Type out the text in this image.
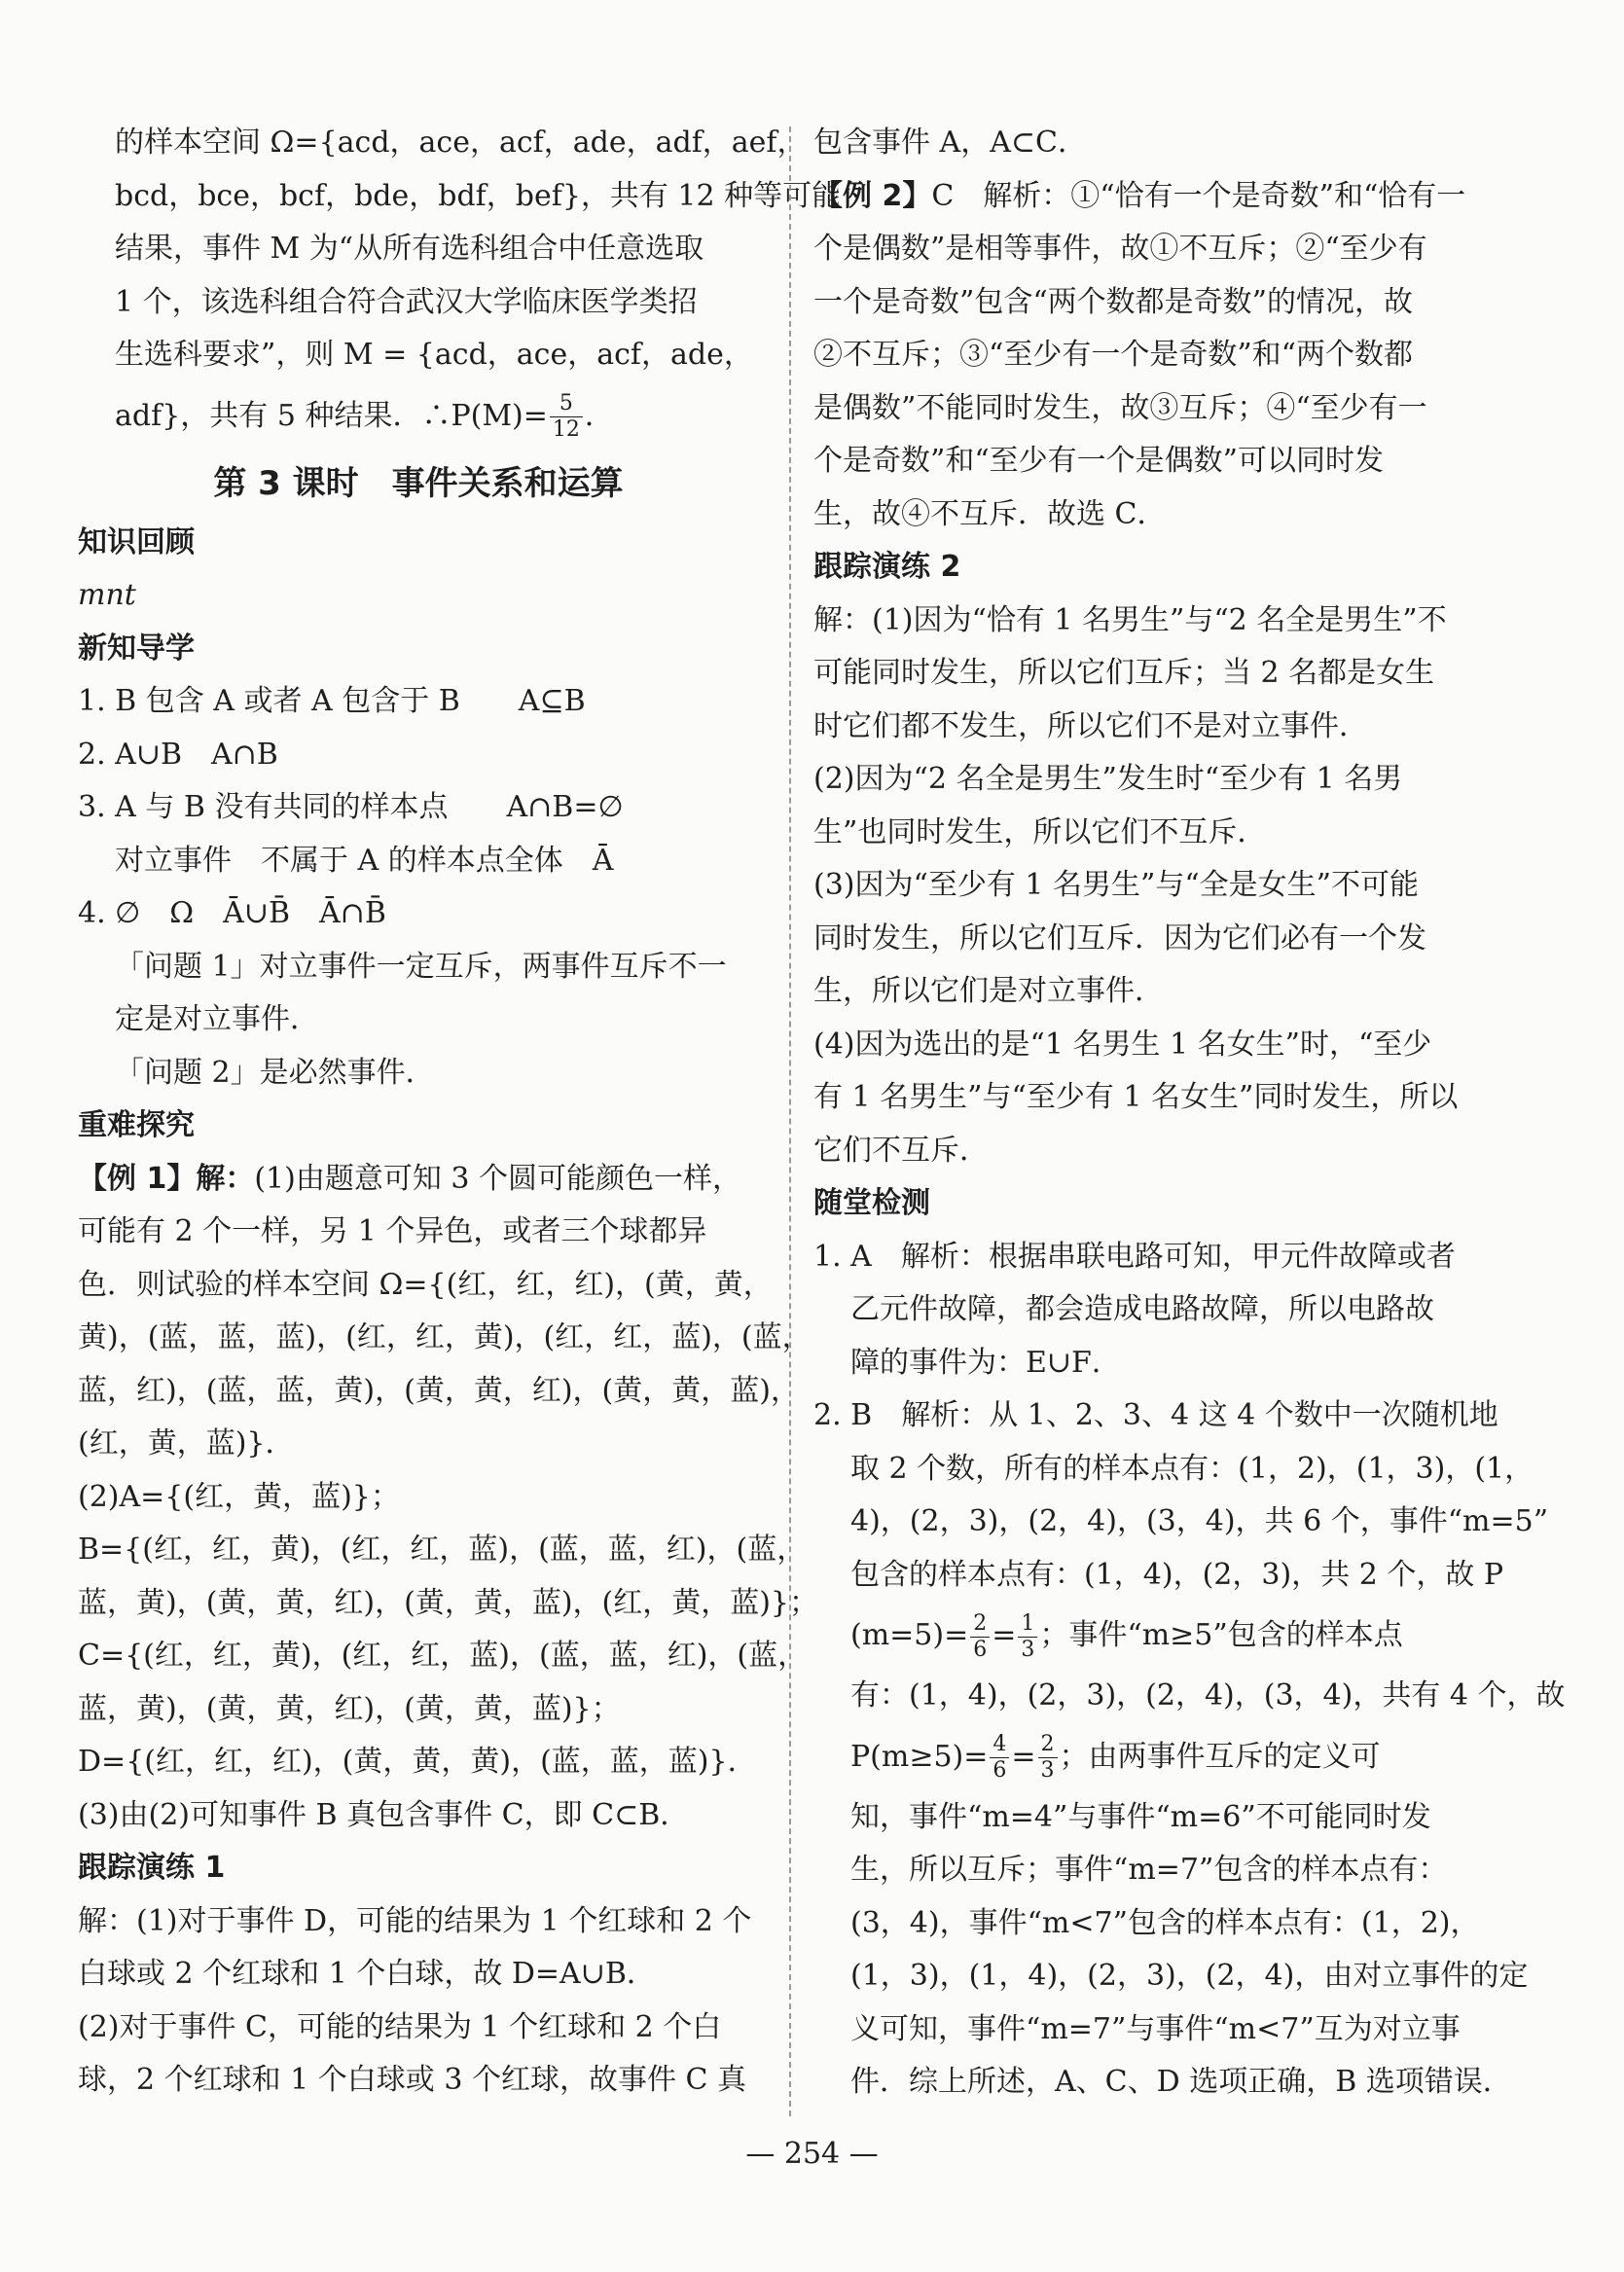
的样本空间 Ω={acd，ace，acf，ade，adf，aef，
bcd，bce，bcf，bde，bdf，bef}，共有 12 种等可能
结果，事件 M 为“从所有选科组合中任意选取
1 个，该选科组合符合武汉大学临床医学类招
生选科要求”，则 M = {acd，ace，acf，ade，
adf}，共有 5 种结果．∴P(M)= $\frac{5}{12}$ ．
第 3 课时 事件关系和运算
知识回顾
mnt
新知导学
1. B 包含 A 或者 A 包含于 B　　A⊆B
2. A∪B　A∩B
3. A 与 B 没有共同的样本点　　A∩B=∅
对立事件　不属于 A 的样本点全体　Ā
4. ∅　Ω　Ā∪B̄　Ā∩B̄
「问题 1」对立事件一定互斥，两事件互斥不一
定是对立事件．
「问题 2」是必然事件．
重难探究
【例 1】解：(1)由题意可知 3 个圆可能颜色一样，
可能有 2 个一样，另 1 个异色，或者三个球都异
色．则试验的样本空间 Ω={(红，红，红)，(黄，黄，
黄)，(蓝，蓝，蓝)，(红，红，黄)，(红，红，蓝)，(蓝，
蓝，红)，(蓝，蓝，黄)，(黄，黄，红)，(黄，黄，蓝)，
(红，黄，蓝)}．
(2)A={(红，黄，蓝)}；
B={(红，红，黄)，(红，红，蓝)，(蓝，蓝，红)，(蓝，
蓝，黄)，(黄，黄，红)，(黄，黄，蓝)，(红，黄，蓝)}；
C={(红，红，黄)，(红，红，蓝)，(蓝，蓝，红)，(蓝，
蓝，黄)，(黄，黄，红)，(黄，黄，蓝)}；
D={(红，红，红)，(黄，黄，黄)，(蓝，蓝，蓝)}．
(3)由(2)可知事件 B 真包含事件 C，即 C⊂B．
跟踪演练 1
解：(1)对于事件 D，可能的结果为 1 个红球和 2 个
白球或 2 个红球和 1 个白球，故 D=A∪B．
(2)对于事件 C，可能的结果为 1 个红球和 2 个白
球，2 个红球和 1 个白球或 3 个红球，故事件 C 真
包含事件 A，A⊂C．
【例 2】C　解析：①“恰有一个是奇数”和“恰有一
个是偶数”是相等事件，故①不互斥；②“至少有
一个是奇数”包含“两个数都是奇数”的情况，故
②不互斥；③“至少有一个是奇数”和“两个数都
是偶数”不能同时发生，故③互斥；④“至少有一
个是奇数”和“至少有一个是偶数”可以同时发
生，故④不互斥．故选 C．
跟踪演练 2
解：(1)因为“恰有 1 名男生”与“2 名全是男生”不
可能同时发生，所以它们互斥；当 2 名都是女生
时它们都不发生，所以它们不是对立事件．
(2)因为“2 名全是男生”发生时“至少有 1 名男
生”也同时发生，所以它们不互斥．
(3)因为“至少有 1 名男生”与“全是女生”不可能
同时发生，所以它们互斥．因为它们必有一个发
生，所以它们是对立事件．
(4)因为选出的是“1 名男生 1 名女生”时，“至少
有 1 名男生”与“至少有 1 名女生”同时发生，所以
它们不互斥．
随堂检测
1. A　解析：根据串联电路可知，甲元件故障或者
乙元件故障，都会造成电路故障，所以电路故
障的事件为：E∪F．
2. B　解析：从 1、2、3、4 这 4 个数中一次随机地
取 2 个数，所有的样本点有：(1，2)，(1，3)，(1，
4)，(2，3)，(2，4)，(3，4)，共 6 个，事件“m=5”
包含的样本点有：(1，4)，(2，3)，共 2 个，故 P
$(m=5)= \frac{2}{6} = \frac{1}{3}$ ；事件“m≥5”包含的样本点
有：(1，4)，(2，3)，(2，4)，(3，4)，共有 4 个，故
$P(m\ge 5)= \frac{4}{6} = \frac{2}{3}$ ；由两事件互斥的定义可
知，事件“m=4”与事件“m=6”不可能同时发
生，所以互斥；事件“m=7”包含的样本点有：
(3，4)，事件“m<7”包含的样本点有：(1，2)，
(1，3)，(1，4)，(2，3)，(2，4)，由对立事件的定
义可知，事件“m=7”与事件“m<7”互为对立事
件．综上所述，A、C、D 选项正确，B 选项错误．
— 254 —
